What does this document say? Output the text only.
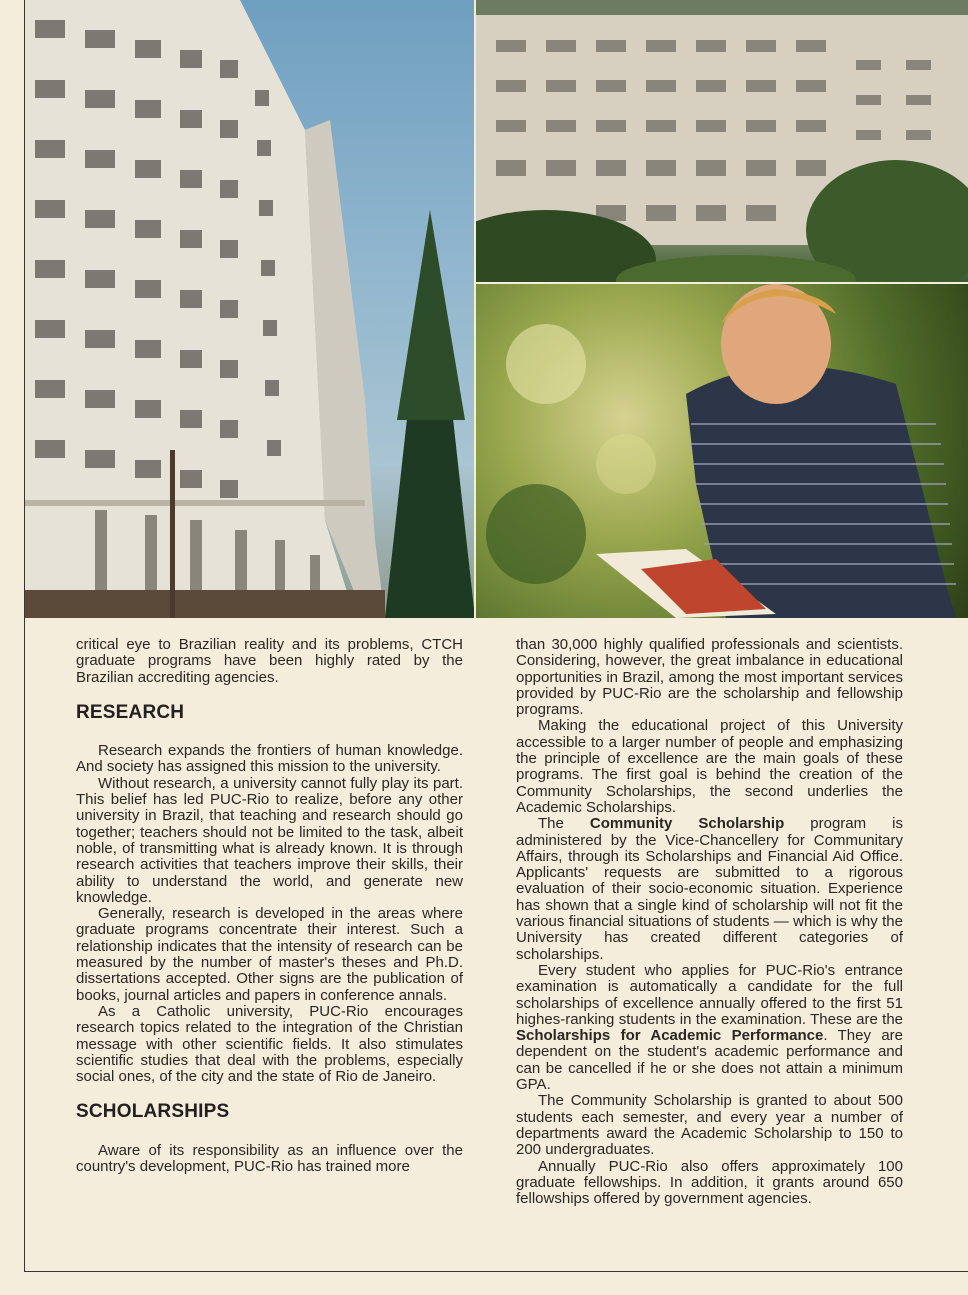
critical eye to Brazilian reality and its problems, CTCH graduate programs have been highly rated by the Brazilian accrediting agencies.

RESEARCH

Research expands the frontiers of human knowledge. And society has assigned this mission to the university.

Without research, a university cannot fully play its part. This belief has led PUC-Rio to realize, before any other university in Brazil, that teaching and research should go together; teachers should not be limited to the task, albeit noble, of transmitting what is already known. It is through research activities that teachers improve their skills, their ability to understand the world, and generate new knowledge.

Generally, research is developed in the areas where graduate programs concentrate their interest. Such a relationship indicates that the intensity of research can be measured by the number of master's theses and Ph.D. dissertations accepted. Other signs are the publication of books, journal articles and papers in conference annals.

As a Catholic university, PUC-Rio encourages research topics related to the integration of the Christian message with other scientific fields. It also stimulates scientific studies that deal with the problems, especially social ones, of the city and the state of Rio de Janeiro.

SCHOLARSHIPS

Aware of its responsibility as an influence over the country's development, PUC-Rio has trained more

than 30,000 highly qualified professionals and scientists. Considering, however, the great imbalance in educational opportunities in Brazil, among the most important services provided by PUC-Rio are the scholarship and fellowship programs.

Making the educational project of this University accessible to a larger number of people and emphasizing the principle of excellence are the main goals of these programs. The first goal is behind the creation of the Community Scholarships, the second underlies the Academic Scholarships.

The Community Scholarship program is administered by the Vice-Chancellery for Communitary Affairs, through its Scholarships and Financial Aid Office. Applicants' requests are submitted to a rigorous evaluation of their socio-economic situation. Experience has shown that a single kind of scholarship will not fit the various financial situations of students — which is why the University has created different categories of scholarships.

Every student who applies for PUC-Rio's entrance examination is automatically a candidate for the full scholarships of excellence annually offered to the first 51 highes-ranking students in the examination. These are the Scholarships for Academic Performance. They are dependent on the student's academic performance and can be cancelled if he or she does not attain a minimum GPA.

The Community Scholarship is granted to about 500 students each semester, and every year a number of departments award the Academic Scholarship to 150 to 200 undergraduates.

Annually PUC-Rio also offers approximately 100 graduate fellowships. In addition, it grants around 650 fellowships offered by government agencies.
